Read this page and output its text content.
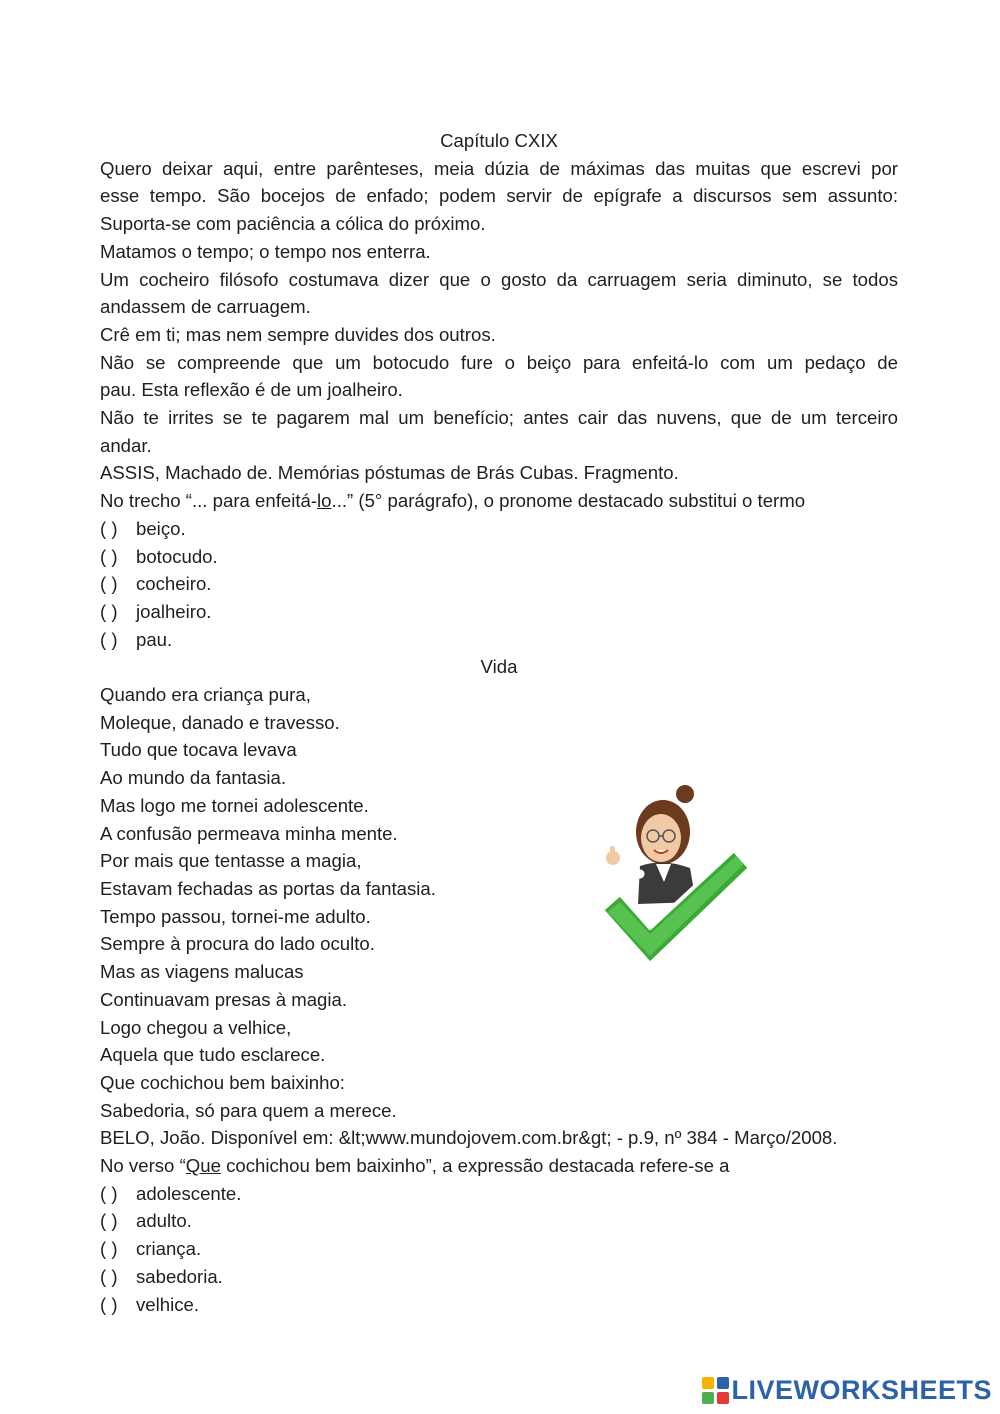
Capítulo CXIX
Quero deixar aqui, entre parênteses, meia dúzia de máximas das muitas que escrevi por
esse tempo. São bocejos de enfado; podem servir de epígrafe a discursos sem assunto:
Suporta-se com paciência a cólica do próximo.
Matamos o tempo; o tempo nos enterra.
Um cocheiro filósofo costumava dizer que o gosto da carruagem seria diminuto, se todos
andassem de carruagem.
Crê em ti; mas nem sempre duvides dos outros.
Não se compreende que um botocudo fure o beiço para enfeitá-lo com um pedaço de
pau. Esta reflexão é de um joalheiro.
Não te irrites se te pagarem mal um benefício; antes cair das nuvens, que de um terceiro
andar.
ASSIS, Machado de. Memórias póstumas de Brás Cubas. Fragmento.
No trecho “... para enfeitá-lo...” (5° parágrafo), o pronome destacado substitui o termo
( ) beiço.
( ) botocudo.
( ) cocheiro.
( ) joalheiro.
( ) pau.
Vida
Quando era criança pura,
Moleque, danado e travesso.
Tudo que tocava levava
Ao mundo da fantasia.
Mas logo me tornei adolescente.
A confusão permeava minha mente.
Por mais que tentasse a magia,
Estavam fechadas as portas da fantasia.
Tempo passou, tornei-me adulto.
Sempre à procura do lado oculto.
Mas as viagens malucas
Continuavam presas à magia.
Logo chegou a velhice,
Aquela que tudo esclarece.
Que cochichou bem baixinho:
Sabedoria, só para quem a merece.
BELO, João. Disponível em: &lt;www.mundojovem.com.br&gt; - p.9, nº 384 - Março/2008.
No verso “Que cochichou bem baixinho”, a expressão destacada refere-se a
( ) adolescente.
( ) adulto.
( ) criança.
( ) sabedoria.
( ) velhice.
LIVEWORKSHEETS
